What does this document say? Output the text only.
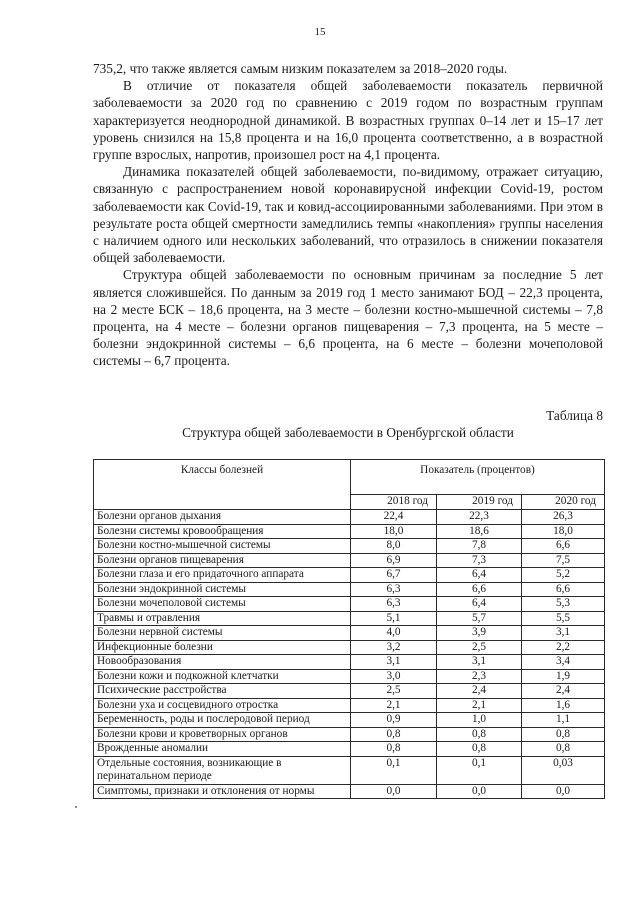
15

735,2, что также является самым низким показателем за 2018–2020 годы.

В отличие от показателя общей заболеваемости показатель первичной заболеваемости за 2020 год по сравнению с 2019 годом по возрастным группам характеризуется неоднородной динамикой. В возрастных группах 0–14 лет и 15–17 лет уровень снизился на 15,8 процента и на 16,0 процента соответственно, а в возрастной группе взрослых, напротив, произошел рост на 4,1 процента.

Динамика показателей общей заболеваемости, по-видимому, отражает ситуацию, связанную с распространением новой коронавирусной инфекции Covid-19, ростом заболеваемости как Covid-19, так и ковид-ассоциированными заболеваниями. При этом в результате роста общей смертности замедлились темпы «накопления» группы населения с наличием одного или нескольких заболеваний, что отразилось в снижении показателя общей заболеваемости.

Структура общей заболеваемости по основным причинам за последние 5 лет является сложившейся. По данным за 2019 год 1 место занимают БОД – 22,3 процента, на 2 месте БСК – 18,6 процента, на 3 месте – болезни костно-мышечной системы – 7,8 процента, на 4 месте – болезни органов пищеварения – 7,3 процента, на 5 месте – болезни эндокринной системы – 6,6 процента, на 6 месте – болезни мочеполовой системы – 6,7 процента.

Таблица 8
Структура общей заболеваемости в Оренбургской области
Классы болезней	Показатель (процентов)		
	2018 год	2019 год	2020 год
Болезни органов дыхания	22,4	22,3	26,3
Болезни системы кровообращения	18,0	18,6	18,0
Болезни костно-мышечной системы	8,0	7,8	6,6
Болезни органов пищеварения	6,9	7,3	7,5
Болезни глаза и его придаточного аппарата	6,7	6,4	5,2
Болезни эндокринной системы	6,3	6,6	6,6
Болезни мочеполовой системы	6,3	6,4	5,3
Травмы и отравления	5,1	5,7	5,5
Болезни нервной системы	4,0	3,9	3,1
Инфекционные болезни	3,2	2,5	2,2
Новообразования	3,1	3,1	3,4
Болезни кожи и подкожной клетчатки	3,0	2,3	1,9
Психические расстройства	2,5	2,4	2,4
Болезни уха и сосцевидного отростка	2,1	2,1	1,6
Беременность, роды и послеродовой период	0,9	1,0	1,1
Болезни крови и кроветворных органов	0,8	0,8	0,8
Врожденные аномалии	0,8	0,8	0,8
Отдельные состояния, возникающие в перинатальном периоде	0,1	0,1	0,03
Симптомы, признаки и отклонения от нормы	0,0	0,0	0,0
